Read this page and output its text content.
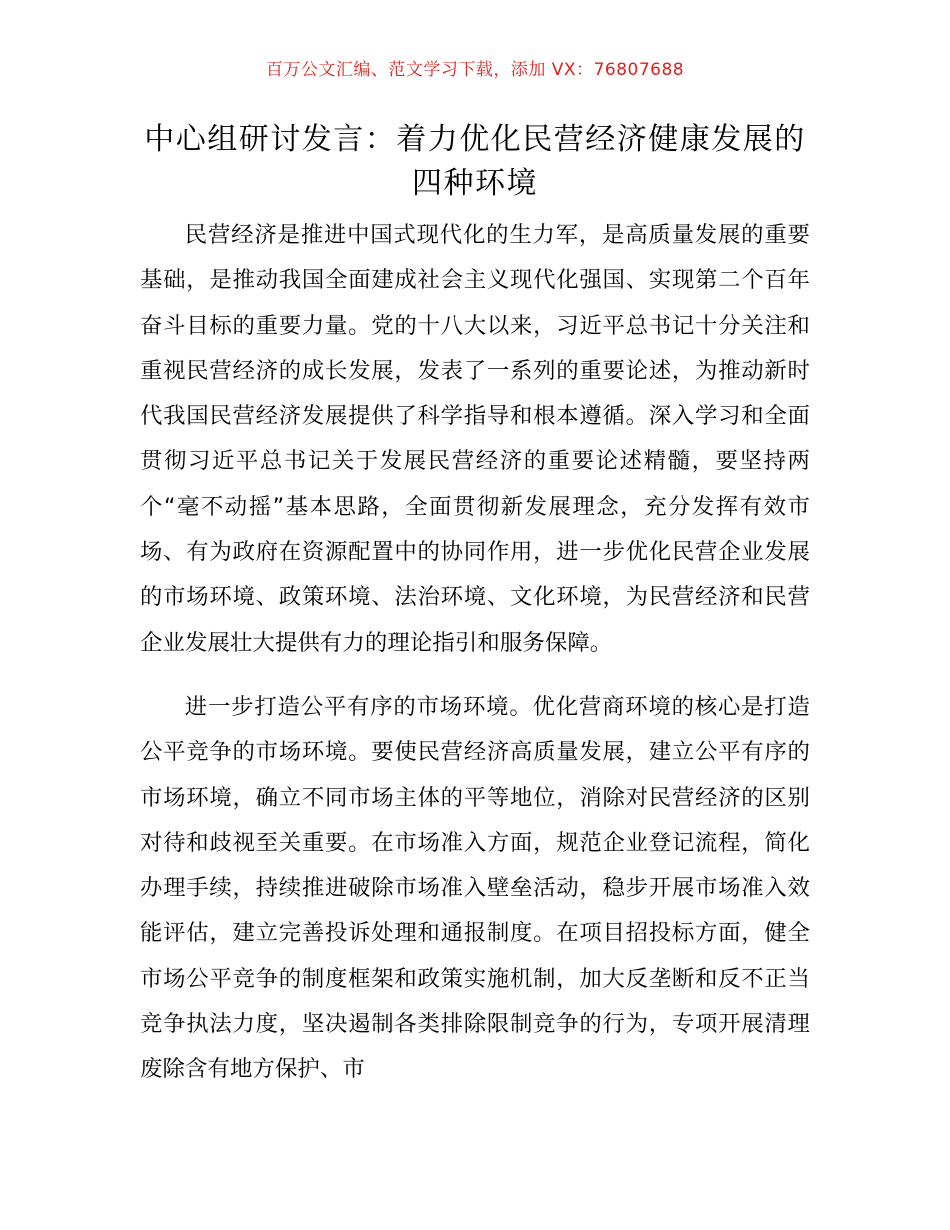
百万公文汇编、范文学习下载，添加 VX：76807688
中心组研讨发言：着力优化民营经济健康发展的四种环境

民营经济是推进中国式现代化的生力军，是高质量发展的重要基础，是推动我国全面建成社会主义现代化强国、实现第二个百年奋斗目标的重要力量。党的十八大以来，习近平总书记十分关注和重视民营经济的成长发展，发表了一系列的重要论述，为推动新时代我国民营经济发展提供了科学指导和根本遵循。深入学习和全面贯彻习近平总书记关于发展民营经济的重要论述精髓，要坚持两个“毫不动摇”基本思路，全面贯彻新发展理念，充分发挥有效市场、有为政府在资源配置中的协同作用，进一步优化民营企业发展的市场环境、政策环境、法治环境、文化环境，为民营经济和民营企业发展壮大提供有力的理论指引和服务保障。

进一步打造公平有序的市场环境。优化营商环境的核心是打造公平竞争的市场环境。要使民营经济高质量发展，建立公平有序的市场环境，确立不同市场主体的平等地位，消除对民营经济的区别对待和歧视至关重要。在市场准入方面，规范企业登记流程，简化办理手续，持续推进破除市场准入壁垒活动，稳步开展市场准入效能评估，建立完善投诉处理和通报制度。在项目招投标方面，健全市场公平竞争的制度框架和政策实施机制，加大反垄断和反不正当竞争执法力度，坚决遏制各类排除限制竞争的行为，专项开展清理废除含有地方保护、市
